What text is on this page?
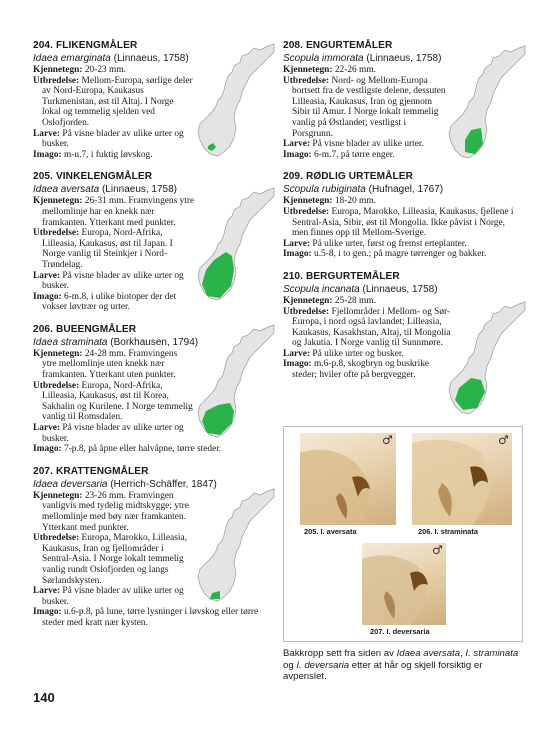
204. FLIKENGMÅLER
Idaea emarginata (Linnaeus, 1758)
Kjennetegn: 20-23 mm.
Utbredelse: Mellom-Europa, sørlige deler av Nord-Europa, Kaukasus Turkmenistan, øst til Altaj. I Norge lokal og temmelig sjelden ved Oslofjorden.
Larve: På visne blader av ulike urter og busker.
Imago: m-u.7, i fuktig løvskog.
205. VINKELENGMÅLER
Idaea aversata (Linnaeus, 1758)
Kjennetegn: 26-31 mm. Framvingens ytre mellomlinje har en knekk nær framkanten. Ytterkant med punkter.
Utbredelse: Europa, Nord-Afrika, Lilleasia, Kaukasus, øst til Japan. I Norge vanlig til Steinkjer i Nord-Trøndelag.
Larve: På visne blader av ulike urter og busker.
Imago: 6-m.8, i ulike biotoper der det vokser løvtrær og urter.
206. BUEENGMÅLER
Idaea straminata (Borkhausen, 1794)
Kjennetegn: 24-28 mm. Framvingens ytre mellomlinje uten knekk nær framkanten. Ytterkant uten punkter.
Utbredelse: Europa, Nord-Afrika, Lilleasia, Kaukasus, øst til Korea, Sakhalin og Kurilene. I Norge temmelig vanlig til Romsdalen.
Larve: På visne blader av ulike urter og busker.
Imago: 7-p.8, på åpne eller halvåpne, tørre steder.
207. KRATTENGMÅLER
Idaea deversaria (Herrich-Schäffer, 1847)
Kjennetegn: 23-26 mm. Framvingen vanligvis med tydelig midtskygge; ytre mellomlinje med bøy nær framkanten. Ytterkant med punkter.
Utbredelse: Europa, Marokko, Lilleasia, Kaukasus, Iran og fjellområder i Sentral-Asia. I Norge lokalt temmelig vanlig rundt Oslofjorden og langs Sørlandskysten.
Larve: På visne blader av ulike urter og busker.
Imago: u.6-p.8, på lune, tørre lysninger i løvskog eller tørre steder med kratt nær kysten.
208. ENGURTEMÅLER
Scopula immorata (Linnaeus, 1758)
Kjennetegn: 22-26 mm.
Utbredelse: Nord- og Mellom-Europa bortsett fra de vestligste delene, dessuten Lilleasia, Kaukasus, Iran og gjennom Sibir til Amur. I Norge lokalt temmelig vanlig på Østlandet; vestligst i Porsgrunn.
Larve: På visne blader av ulike urter.
Imago: 6-m.7, på tørre enger.
209. RØDLIG URTEMÅLER
Scopula rubiginata (Hufnagel, 1767)
Kjennetegn: 18-20 mm.
Utbredelse: Europa, Marokko, Lilleasia, Kaukasus, fjellene i Sentral-Asia, Sibir, øst til Mongolia. Ikke påvist i Norge, men finnes opp til Mellom-Sverige.
Larve: På ulike urter, først og fremst erteplanter.
Imago: u.5-8, i to gen.; på magre tørrenger og bakker.
210. BERGURTEMÅLER
Scopula incanata (Linnaeus, 1758)
Kjennetegn: 25-28 mm.
Utbredelse: Fjellområder i Mellom- og Sør-Europa, i nord også lavlandet; Lilleasia, Kaukasus, Kasakhstan, Altaj, til Mongolia og Jakutia. I Norge vanlig til Sunnmøre.
Larve: På ulike urter og busker.
Imago: m.6-p.8, skogbryn og buskrike steder; hviler ofte på bergvegger.
♂
205. I. aversata
♂
206. I. straminata
♂
207. I. deversaria
Bakkropp sett fra siden av Idaea aversata, I. straminata og I. deversaria etter at hår og skjell forsiktig er avpenslet.
140
